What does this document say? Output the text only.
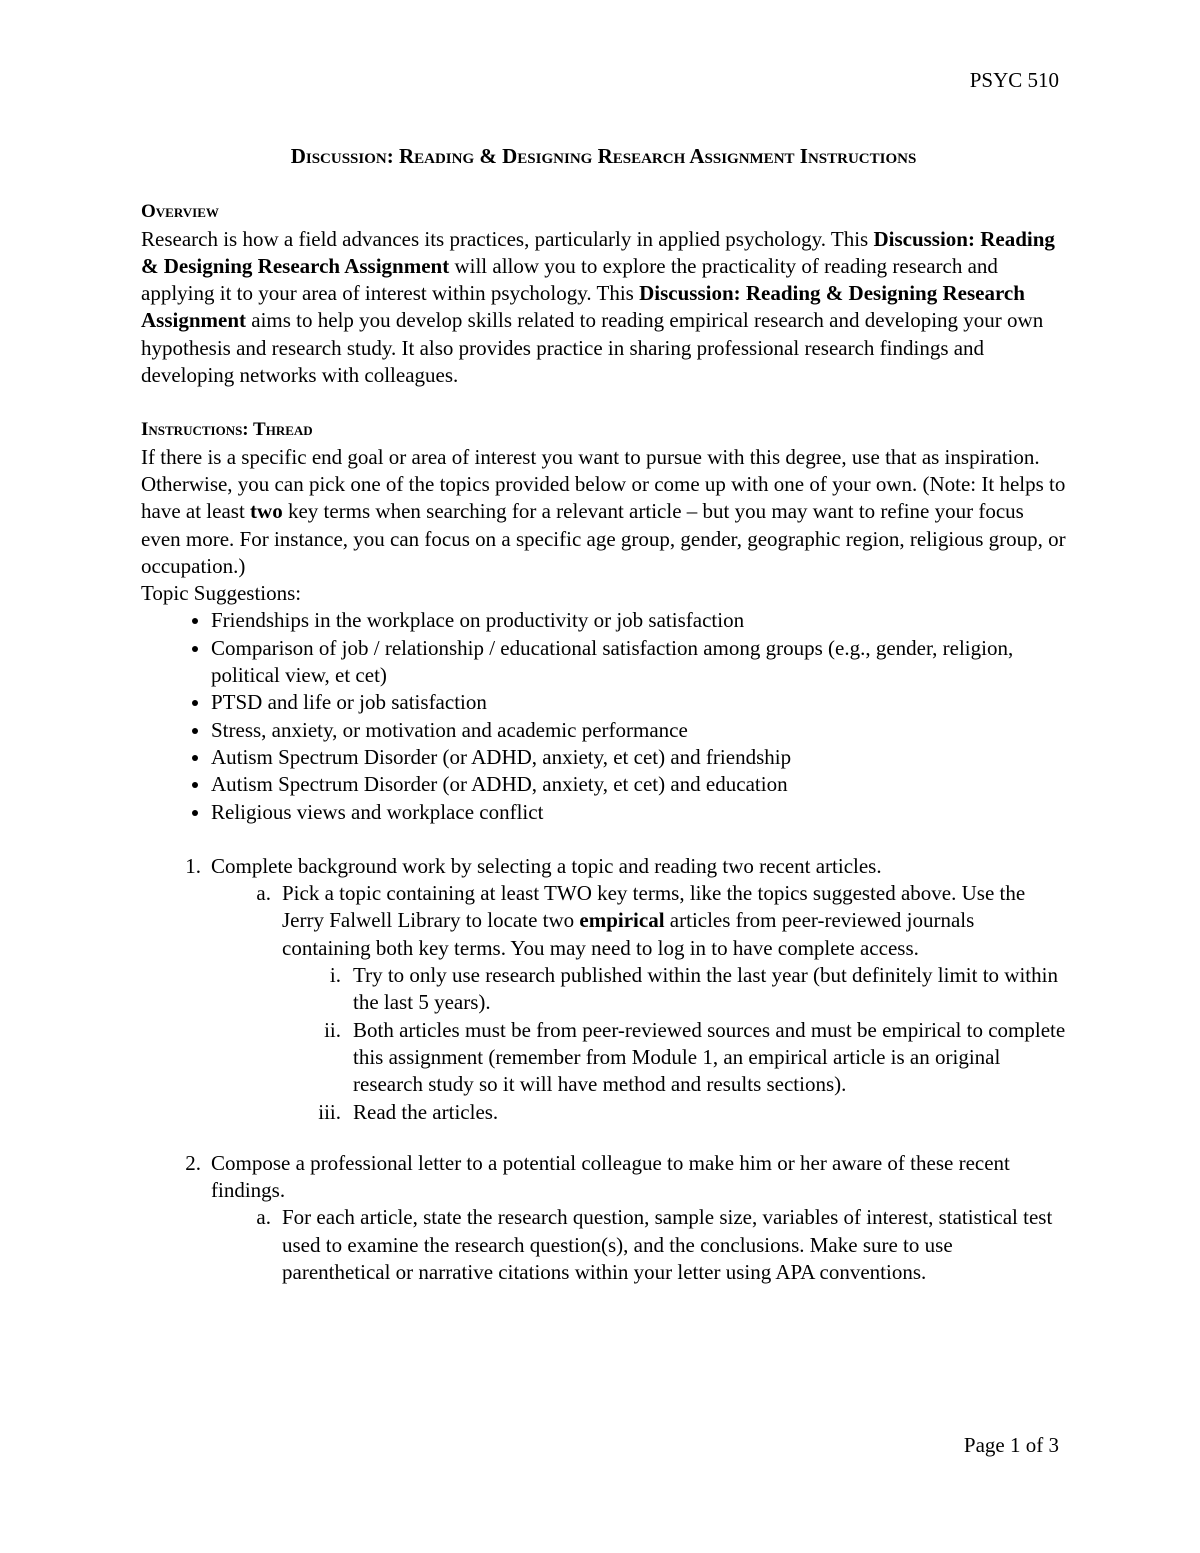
PSYC 510
Discussion: Reading & Designing Research Assignment Instructions
Overview

Research is how a field advances its practices, particularly in applied psychology. This Discussion: Reading & Designing Research Assignment will allow you to explore the practicality of reading research and applying it to your area of interest within psychology. This Discussion: Reading & Designing Research Assignment aims to help you develop skills related to reading empirical research and developing your own hypothesis and research study. It also provides practice in sharing professional research findings and developing networks with colleagues.

Instructions: Thread

If there is a specific end goal or area of interest you want to pursue with this degree, use that as inspiration. Otherwise, you can pick one of the topics provided below or come up with one of your own. (Note: It helps to have at least two key terms when searching for a relevant article – but you may want to refine your focus even more. For instance, you can focus on a specific age group, gender, geographic region, religious group, or occupation.)

Topic Suggestions:

• Friendships in the workplace on productivity or job satisfaction
• Comparison of job / relationship / educational satisfaction among groups (e.g., gender, religion, political view, et cet)
• PTSD and life or job satisfaction
• Stress, anxiety, or motivation and academic performance
• Autism Spectrum Disorder (or ADHD, anxiety, et cet) and friendship
• Autism Spectrum Disorder (or ADHD, anxiety, et cet) and education
• Religious views and workplace conflict
1. Complete background work by selecting a topic and reading two recent articles.
a. Pick a topic containing at least TWO key terms, like the topics suggested above. Use the Jerry Falwell Library to locate two empirical articles from peer-reviewed journals containing both key terms. You may need to log in to have complete access.
i. Try to only use research published within the last year (but definitely limit to within the last 5 years).
ii. Both articles must be from peer-reviewed sources and must be empirical to complete this assignment (remember from Module 1, an empirical article is an original research study so it will have method and results sections).
iii. Read the articles.
2. Compose a professional letter to a potential colleague to make him or her aware of these recent findings.
a. For each article, state the research question, sample size, variables of interest, statistical test used to examine the research question(s), and the conclusions. Make sure to use parenthetical or narrative citations within your letter using APA conventions.
Page 1 of 3
